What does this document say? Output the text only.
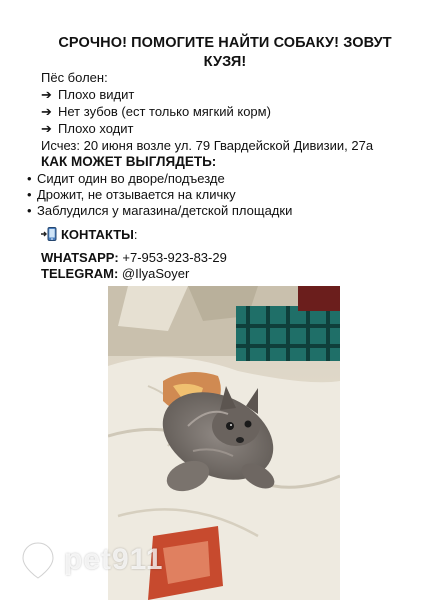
СРОЧНО! ПОМОГИТЕ НАЙТИ СОБАКУ! ЗОВУТ КУЗЯ!
Пёс болен:
➔ Плохо видит
➔ Нет зубов (ест только мягкий корм)
➔ Плохо ходит
Исчез: 20 июня возле ул. 79 Гвардейской Дивизии, 27а
КАК МОЖЕТ ВЫГЛЯДЕТЬ:
• Сидит один во дворе/подъезде
• Дрожит, не отзывается на кличку
• Заблудился у магазина/детской площадки
КОНТАКТЫ:
WHATSAPP: +7-953-923-83-29
TELEGRAM: @IlyaSoyer
pet911
